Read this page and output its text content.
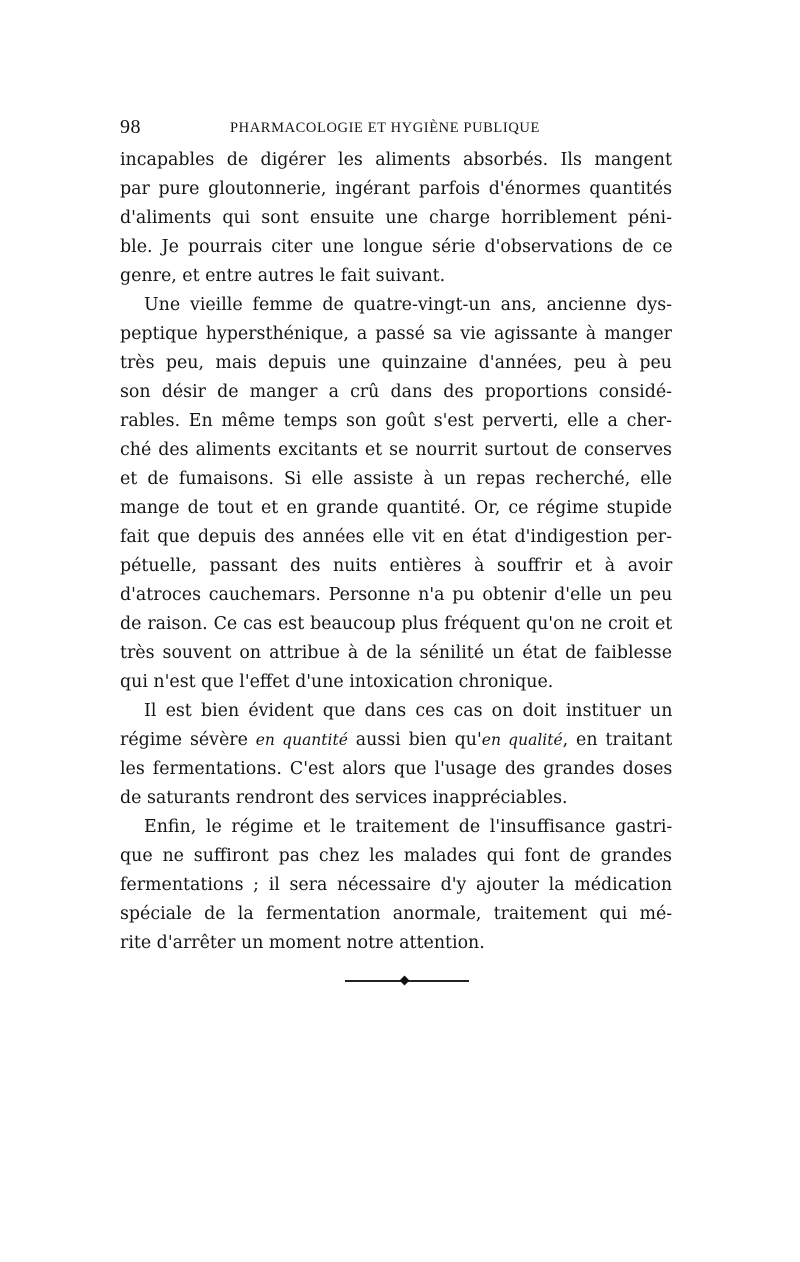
98	PHARMACOLOGIE ET HYGIÈNE PUBLIQUE

incapables de digérer les aliments absorbés. Ils mangent
par pure gloutonnerie, ingérant parfois d'énormes quantités
d'aliments qui sont ensuite une charge horriblement péni-
ble. Je pourrais citer une longue série d'observations de ce
genre, et entre autres le fait suivant.

Une vieille femme de quatre-vingt-un ans, ancienne dys-
peptique hypersthénique, a passé sa vie agissante à manger
très peu, mais depuis une quinzaine d'années, peu à peu
son désir de manger a crû dans des proportions considé-
rables. En même temps son goût s'est perverti, elle a cher-
ché des aliments excitants et se nourrit surtout de conserves
et de fumaisons. Si elle assiste à un repas recherché, elle
mange de tout et en grande quantité. Or, ce régime stupide
fait que depuis des années elle vit en état d'indigestion per-
pétuelle, passant des nuits entières à souffrir et à avoir
d'atroces cauchemars. Personne n'a pu obtenir d'elle un peu
de raison. Ce cas est beaucoup plus fréquent qu'on ne croit et
très souvent on attribue à de la sénilité un état de faiblesse
qui n'est que l'effet d'une intoxication chronique.

Il est bien évident que dans ces cas on doit instituer un
régime sévère en quantité aussi bien qu'en qualité, en traitant
les fermentations. C'est alors que l'usage des grandes doses
de saturants rendront des services inappréciables.

Enfin, le régime et le traitement de l'insuffisance gastri-
que ne suffiront pas chez les malades qui font de grandes
fermentations ; il sera nécessaire d'y ajouter la médication
spéciale de la fermentation anormale, traitement qui mé-
rite d'arrêter un moment notre attention.
